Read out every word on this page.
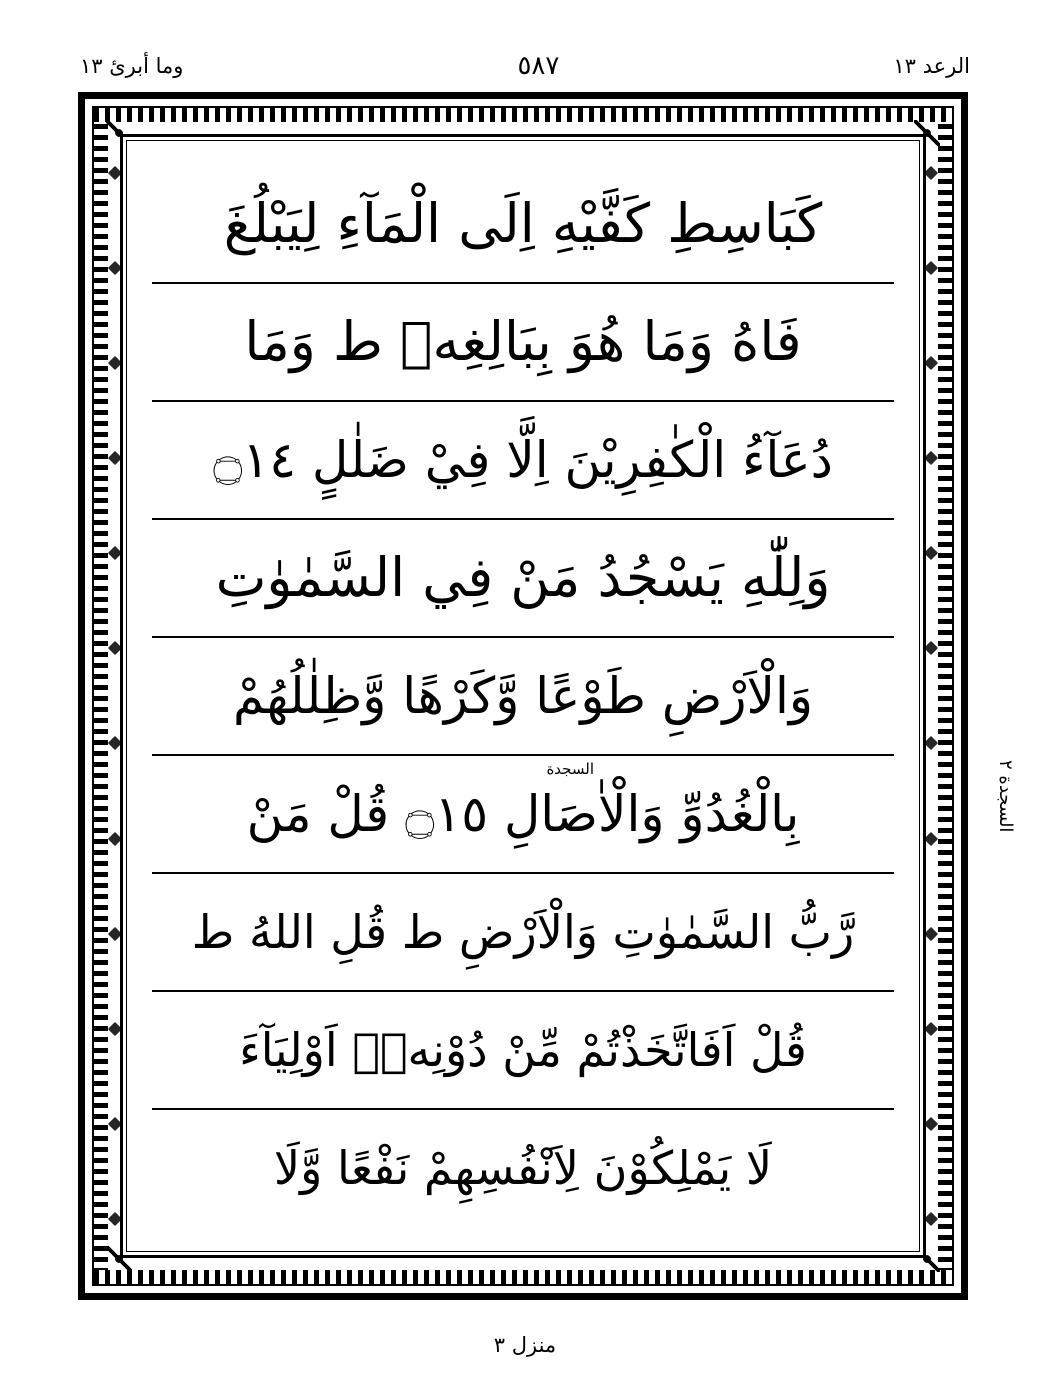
الرعد ١٣
٥٨٧
وما أبرئ ١٣
كَبَاسِطِ كَفَّيْهِ اِلَى الْمَآءِ لِيَبْلُغَ
فَاهُ وَمَا هُوَ بِبَالِغِهٖ ط وَمَا
دُعَآءُ الْكٰفِرِيْنَ اِلَّا فِيْ ضَلٰلٍ ۝١٤
وَلِلّٰهِ يَسْجُدُ مَنْ فِي السَّمٰوٰتِ
وَالْاَرْضِ طَوْعًا وَّكَرْهًا وَّظِلٰلُهُمْ
السجدة
بِالْغُدُوِّ وَالْاٰصَالِ ۝١٥ قُلْ مَنْ
رَّبُّ السَّمٰوٰتِ وَالْاَرْضِ ط قُلِ اللهُ ط
قُلْ اَفَاتَّخَذْتُمْ مِّنْ دُوْنِهٖۤ اَوْلِيَآءَ
لَا يَمْلِكُوْنَ لِاَنْفُسِهِمْ نَفْعًا وَّلَا
السجدة ٢
منزل ٣
